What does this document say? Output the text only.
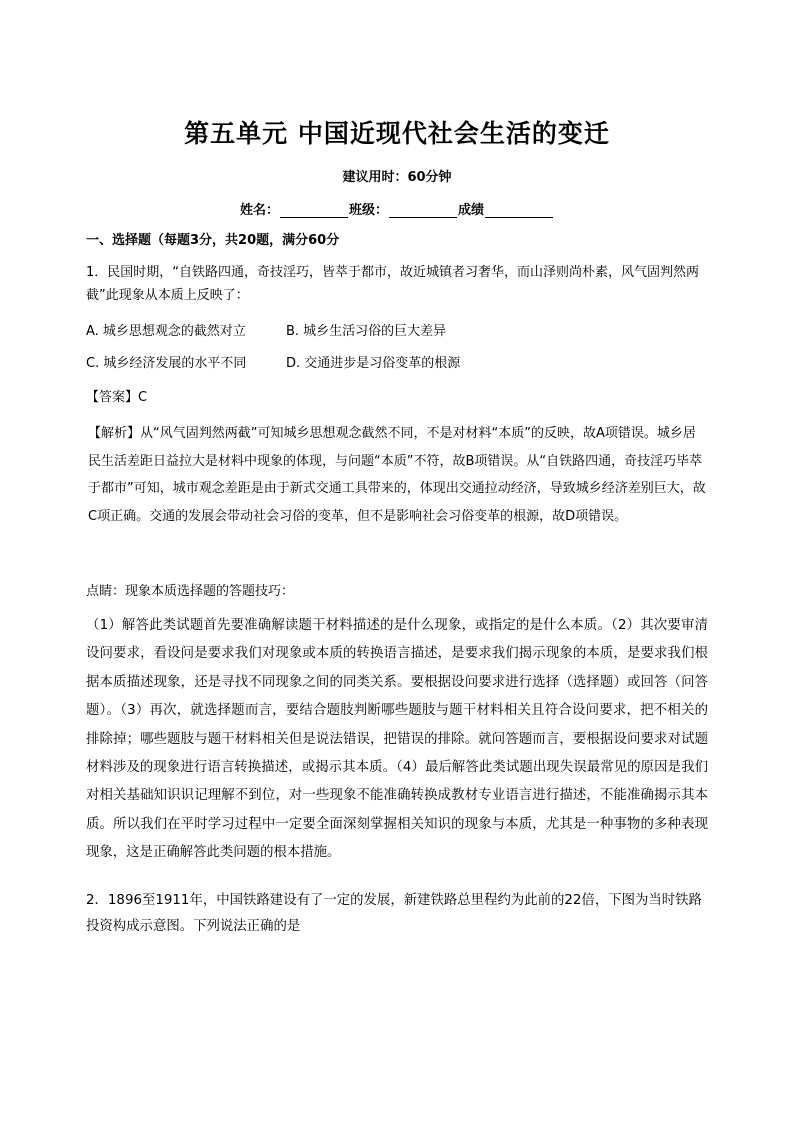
第五单元 中国近现代社会生活的变迁
建议用时：60分钟
姓名：	班级：	成绩
一、选择题（每题3分，共20题，满分60分
1．民国时期，“自铁路四通，奇技淫巧，皆萃于都市，故近城镇者习奢华，而山泽则尚朴素，风气固判然两截”此现象从本质上反映了：
A. 城乡思想观念的截然对立	B. 城乡生活习俗的巨大差异
C. 城乡经济发展的水平不同	D. 交通进步是习俗变革的根源
【答案】C
【解析】从“风气固判然两截”可知城乡思想观念截然不同，不是对材料“本质”的反映，故A项错误。城乡居民生活差距日益拉大是材料中现象的体现，与问题“本质”不符，故B项错误。从“自铁路四通，奇技淫巧毕萃于都市”可知，城市观念差距是由于新式交通工具带来的，体现出交通拉动经济，导致城乡经济差别巨大，故C项正确。交通的发展会带动社会习俗的变革，但不是影响社会习俗变革的根源，故D项错误。
点睛：现象本质选择题的答题技巧：
（1）解答此类试题首先要准确解读题干材料描述的是什么现象，或指定的是什么本质。（2）其次要审清设问要求，看设问是要求我们对现象或本质的转换语言描述，是要求我们揭示现象的本质，是要求我们根据本质描述现象，还是寻找不同现象之间的同类关系。要根据设问要求进行选择（选择题）或回答（问答题）。（3）再次，就选择题而言，要结合题肢判断哪些题肢与题干材料相关且符合设问要求，把不相关的排除掉；哪些题肢与题干材料相关但是说法错误，把错误的排除。就问答题而言，要根据设问要求对试题材料涉及的现象进行语言转换描述，或揭示其本质。（4）最后解答此类试题出现失误最常见的原因是我们对相关基础知识识记理解不到位，对一些现象不能准确转换成教材专业语言进行描述，不能准确揭示其本质。所以我们在平时学习过程中一定要全面深刻掌握相关知识的现象与本质，尤其是一种事物的多种表现现象，这是正确解答此类问题的根本措施。
2．1896至1911年，中国铁路建设有了一定的发展，新建铁路总里程约为此前的22倍，下图为当时铁路投资构成示意图。下列说法正确的是
